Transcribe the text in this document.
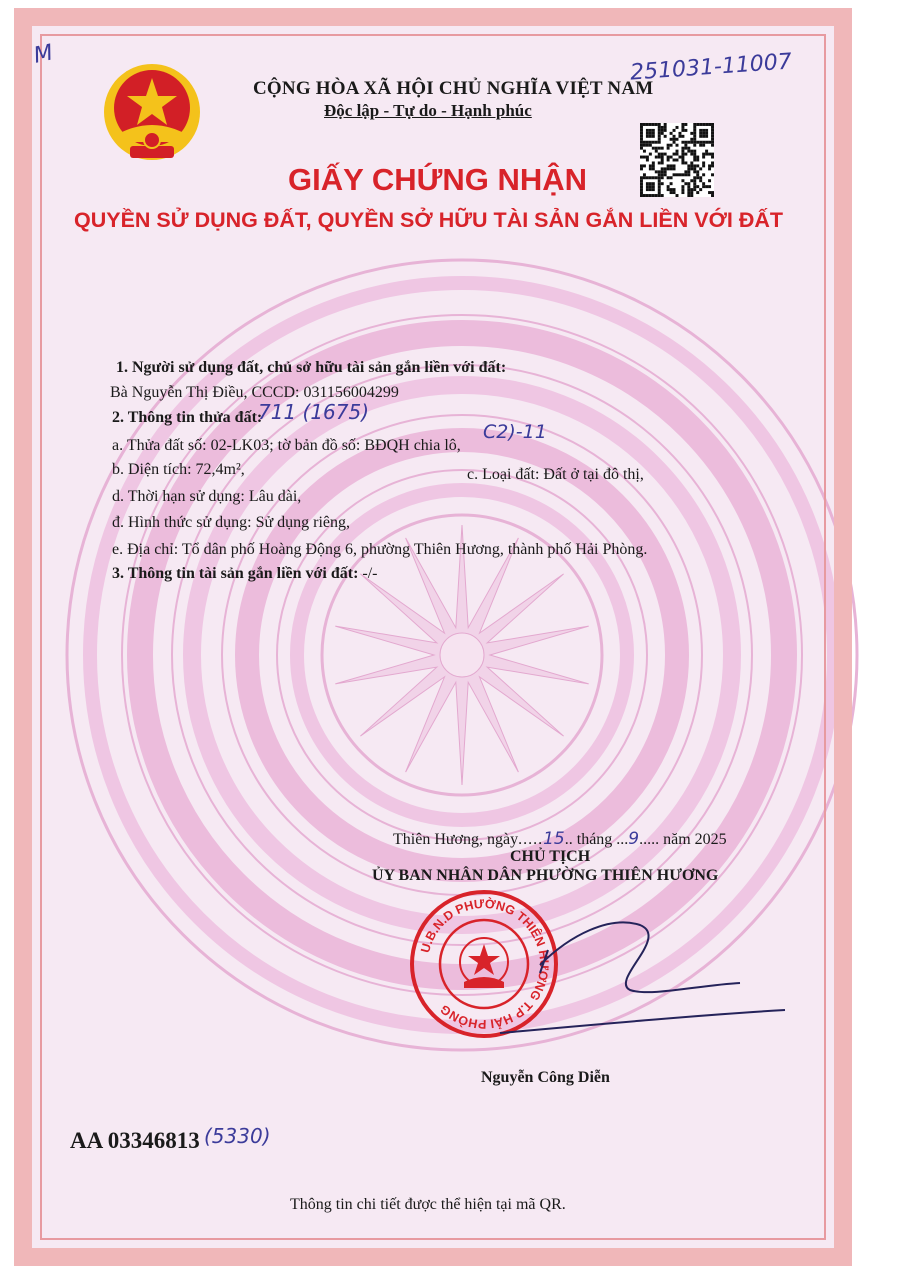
M
CỘNG HÒA XÃ HỘI CHỦ NGHĨA VIỆT NAM
Độc lập - Tự do - Hạnh phúc
251031-11007
GIẤY CHỨNG NHẬN
QUYỀN SỬ DỤNG ĐẤT, QUYỀN SỞ HỮU TÀI SẢN GẮN LIỀN VỚI ĐẤT
1. Người sử dụng đất, chủ sở hữu tài sản gắn liền với đất:
Bà Nguyễn Thị Điều, CCCD: 031156004299
2. Thông tin thửa đất:
711 (1675)
a. Thửa đất số: 02-LK03; tờ bản đồ số: BĐQH chia lô,
C2)-11
b. Diện tích: 72,4m²,	c. Loại đất: Đất ở tại đô thị,
d. Thời hạn sử dụng: Lâu dài,
đ. Hình thức sử dụng: Sử dụng riêng,
e. Địa chỉ: Tổ dân phố Hoàng Động 6, phường Thiên Hương, thành phố Hải Phòng.
3. Thông tin tài sản gắn liền với đất: -/-
Thiên Hương, ngày.....15.. tháng ...9..... năm 2025
CHỦ TỊCH
ỦY BAN NHÂN DÂN PHƯỜNG THIÊN HƯƠNG
U.B.N.D PHƯỜNG THIÊN HƯƠNG T.P HẢI PHÒNG
Nguyễn Công Diễn
AA 03346813 (5330)
Thông tin chi tiết được thể hiện tại mã QR.
